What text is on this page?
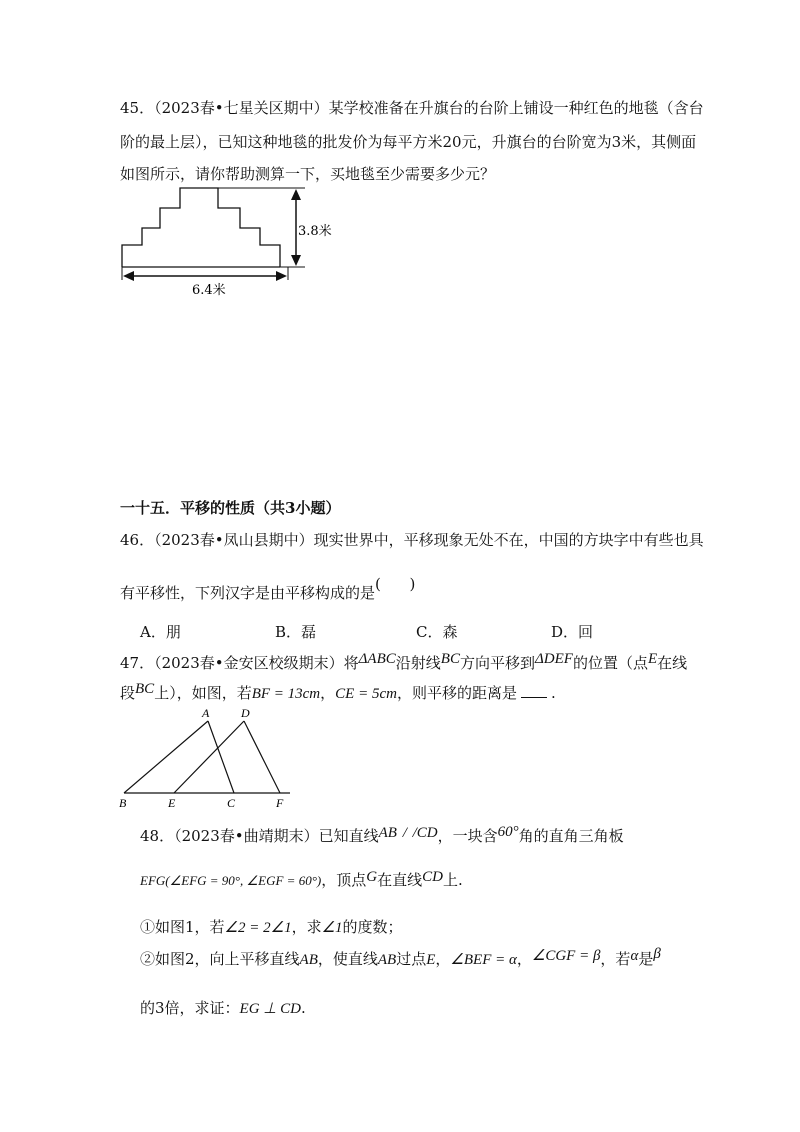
45．（2023春•七星关区期中）某学校准备在升旗台的台阶上铺设一种红色的地毯（含台
阶的最上层），已知这种地毯的批发价为每平方米20元，升旗台的台阶宽为3米，其侧面
如图所示，请你帮助测算一下，买地毯至少需要多少元？
3.8米
6.4米
一十五．平移的性质（共3小题）
46．（2023春•凤山县期中）现实世界中，平移现象无处不在，中国的方块字中有些也具
有平移性，下列汉字是由平移构成的是(      )
A．朋	B．磊	C．森	D．回
47．（2023春•金安区校级期末）将ΔABC沿射线BC方向平移到ΔDEF的位置（点E在线
段BC上），如图，若BF = 13cm，CE = 5cm，则平移的距离是 .
A	D
B	E	C	F
48．（2023春•曲靖期末）已知直线AB / /CD，一块含60°角的直角三角板
EFG(∠EFG = 90°, ∠EGF = 60°)，顶点G在直线CD上.
①如图1，若∠2 = 2∠1，求∠1的度数；
②如图2，向上平移直线AB，使直线AB过点E，∠BEF = α，∠CGF = β，若α是β
的3倍，求证：EG ⊥ CD.
